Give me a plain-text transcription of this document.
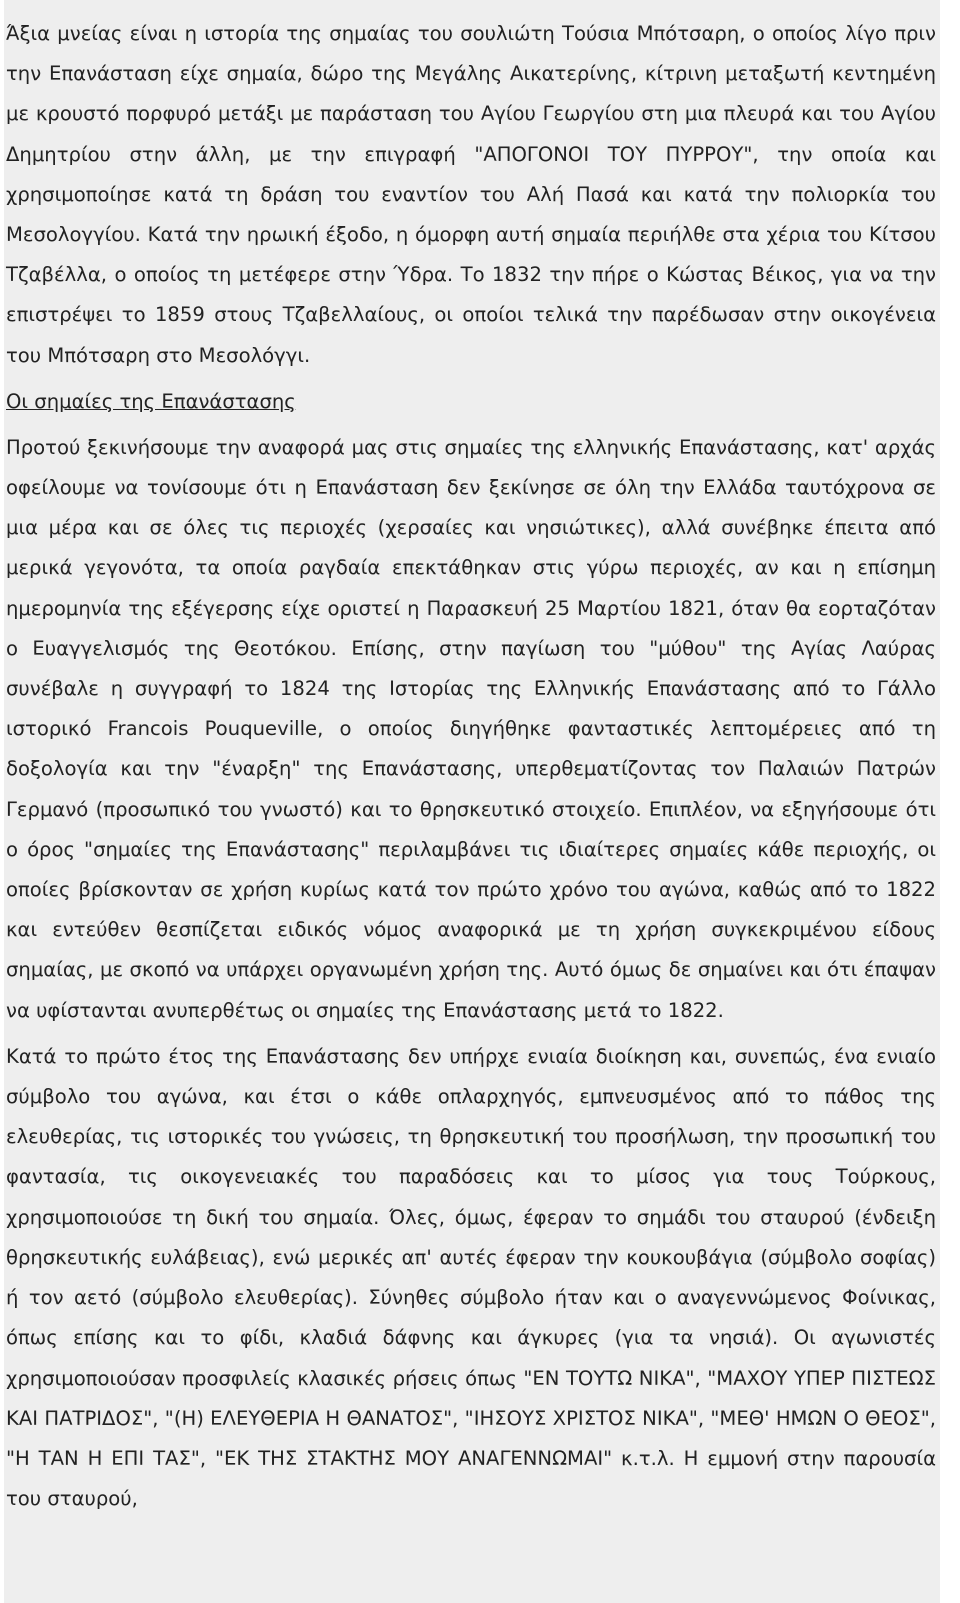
Άξια μνείας είναι η ιστορία της σημαίας του σουλιώτη Τούσια Μπότσαρη, ο οποίος λίγο πριν την Επανάσταση είχε σημαία, δώρο της Μεγάλης Αικατερίνης, κίτρινη μεταξωτή κεντημένη με κρουστό πορφυρό μετάξι με παράσταση του Αγίου Γεωργίου στη μια πλευρά και του Αγίου Δημητρίου στην άλλη, με την επιγραφή "ΑΠΟΓΟΝΟΙ ΤΟΥ ΠΥΡΡΟΥ", την οποία και χρησιμοποίησε κατά τη δράση του εναντίον του Αλή Πασά και κατά την πολιορκία του Μεσολογγίου. Κατά την ηρωική έξοδο, η όμορφη αυτή σημαία περιήλθε στα χέρια του Κίτσου Τζαβέλλα, ο οποίος τη μετέφερε στην Ύδρα. Το 1832 την πήρε ο Κώστας Βέικος, για να την επιστρέψει το 1859 στους Τζαβελλαίους, οι οποίοι τελικά την παρέδωσαν στην οικογένεια του Μπότσαρη στο Μεσολόγγι.

Οι σημαίες της Επανάστασης

Προτού ξεκινήσουμε την αναφορά μας στις σημαίες της ελληνικής Επανάστασης, κατ' αρχάς οφείλουμε να τονίσουμε ότι η Επανάσταση δεν ξεκίνησε σε όλη την Ελλάδα ταυτόχρονα σε μια μέρα και σε όλες τις περιοχές (χερσαίες και νησιώτικες), αλλά συνέβηκε έπειτα από μερικά γεγονότα, τα οποία ραγδαία επεκτάθηκαν στις γύρω περιοχές, αν και η επίσημη ημερομηνία της εξέγερσης είχε οριστεί η Παρασκευή 25 Μαρτίου 1821, όταν θα εορταζόταν ο Ευαγγελισμός της Θεοτόκου. Επίσης, στην παγίωση του "μύθου" της Αγίας Λαύρας συνέβαλε η συγγραφή το 1824 της Ιστορίας της Ελληνικής Επανάστασης από το Γάλλο ιστορικό Francois Pouqueville, ο οποίος διηγήθηκε φανταστικές λεπτομέρειες από τη δοξολογία και την "έναρξη" της Επανάστασης, υπερθεματίζοντας τον Παλαιών Πατρών Γερμανό (προσωπικό του γνωστό) και το θρησκευτικό στοιχείο. Επιπλέον, να εξηγήσουμε ότι ο όρος "σημαίες της Επανάστασης" περιλαμβάνει τις ιδιαίτερες σημαίες κάθε περιοχής, οι οποίες βρίσκονταν σε χρήση κυρίως κατά τον πρώτο χρόνο του αγώνα, καθώς από το 1822 και εντεύθεν θεσπίζεται ειδικός νόμος αναφορικά με τη χρήση συγκεκριμένου είδους σημαίας, με σκοπό να υπάρχει οργανωμένη χρήση της. Αυτό όμως δε σημαίνει και ότι έπαψαν να υφίστανται ανυπερθέτως οι σημαίες της Επανάστασης μετά το 1822.

Κατά το πρώτο έτος της Επανάστασης δεν υπήρχε ενιαία διοίκηση και, συνεπώς, ένα ενιαίο σύμβολο του αγώνα, και έτσι ο κάθε οπλαρχηγός, εμπνευσμένος από το πάθος της ελευθερίας, τις ιστορικές του γνώσεις, τη θρησκευτική του προσήλωση, την προσωπική του φαντασία, τις οικογενειακές του παραδόσεις και το μίσος για τους Τούρκους, χρησιμοποιούσε τη δική του σημαία. Όλες, όμως, έφεραν το σημάδι του σταυρού (ένδειξη θρησκευτικής ευλάβειας), ενώ μερικές απ' αυτές έφεραν την κουκουβάγια (σύμβολο σοφίας) ή τον αετό (σύμβολο ελευθερίας). Σύνηθες σύμβολο ήταν και ο αναγεννώμενος Φοίνικας, όπως επίσης και το φίδι, κλαδιά δάφνης και άγκυρες (για τα νησιά). Οι αγωνιστές χρησιμοποιούσαν προσφιλείς κλασικές ρήσεις όπως "ΕΝ ΤΟΥΤΩ ΝΙΚΑ", "ΜΑΧΟΥ ΥΠΕΡ ΠΙΣΤΕΩΣ ΚΑΙ ΠΑΤΡΙΔΟΣ", "(Η) ΕΛΕΥΘΕΡΙΑ Η ΘΑΝΑΤΟΣ", "ΙΗΣΟΥΣ ΧΡΙΣΤΟΣ ΝΙΚΑ", "ΜΕΘ' ΗΜΩΝ Ο ΘΕΟΣ", "Η ΤΑΝ Η ΕΠΙ ΤΑΣ", "ΕΚ ΤΗΣ ΣΤΑΚΤΗΣ ΜΟΥ ΑΝΑΓΕΝΝΩΜΑΙ" κ.τ.λ. Η εμμονή στην παρουσία του σταυρού,
